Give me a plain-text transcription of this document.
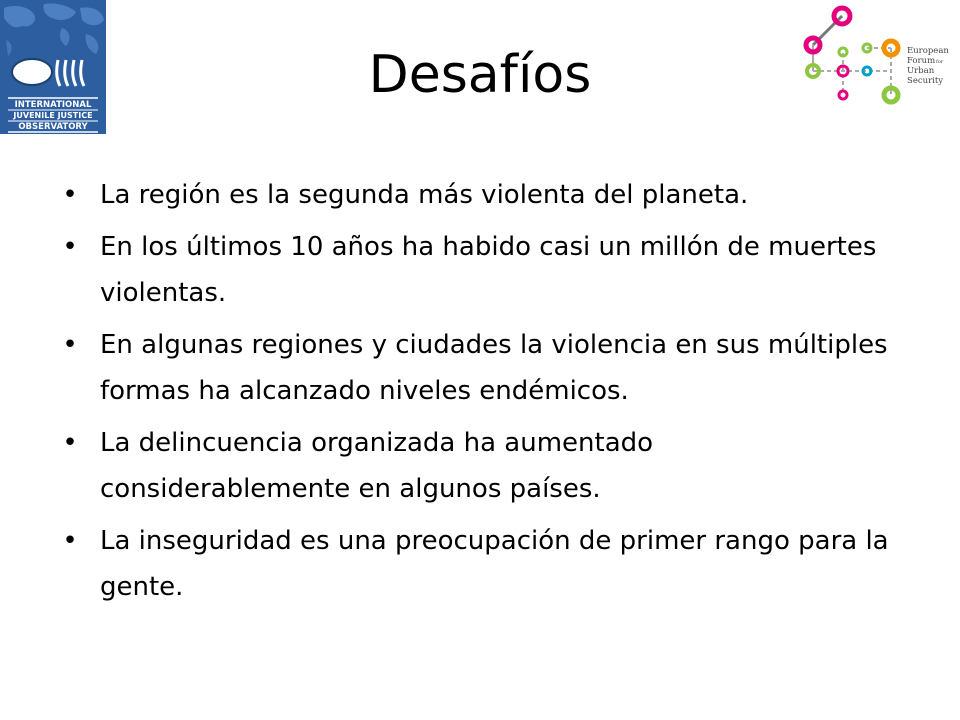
INTERNATIONAL
JUVENILE JUSTICE
OBSERVATORY
European
Forum for
Urban
Security
Desafíos
• La región es la segunda más violenta del planeta.
• En los últimos 10 años ha habido casi un millón de muertes violentas.
• En algunas regiones y ciudades la violencia en sus múltiples formas ha alcanzado niveles endémicos.
• La delincuencia organizada ha aumentado considerablemente en algunos países.
• La inseguridad es una preocupación de primer rango para la gente.
